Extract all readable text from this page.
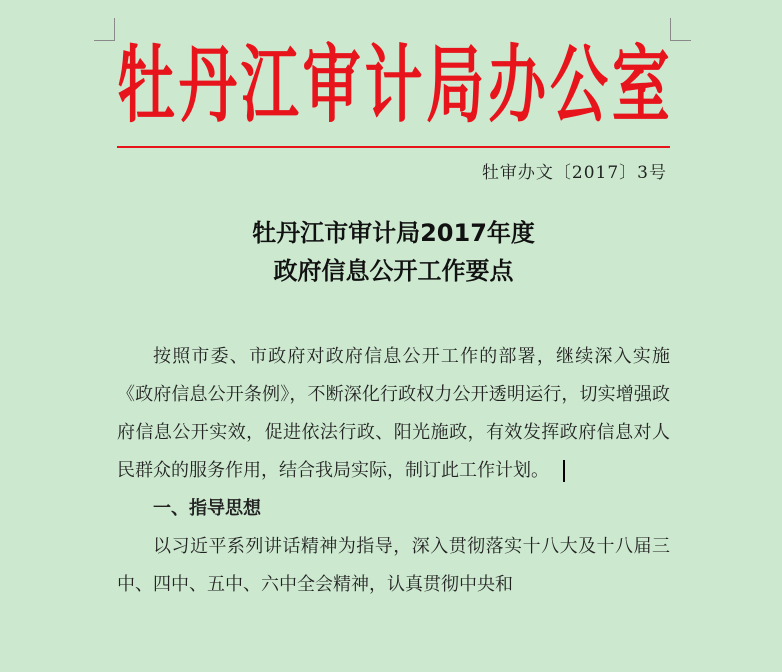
牡 丹 江 审 计 局 办 公 室
牡审办文〔2017〕3号
牡丹江市审计局2017年度
政府信息公开工作要点

按照市委、市政府对政府信息公开工作的部署，继续深入实施《政府信息公开条例》，不断深化行政权力公开透明运行，切实增强政府信息公开实效，促进依法行政、阳光施政，有效发挥政府信息对人民群众的服务作用，结合我局实际，制订此工作计划。

一、指导思想

以习近平系列讲话精神为指导，深入贯彻落实十八大及十八届三中、四中、五中、六中全会精神，认真贯彻中央和
